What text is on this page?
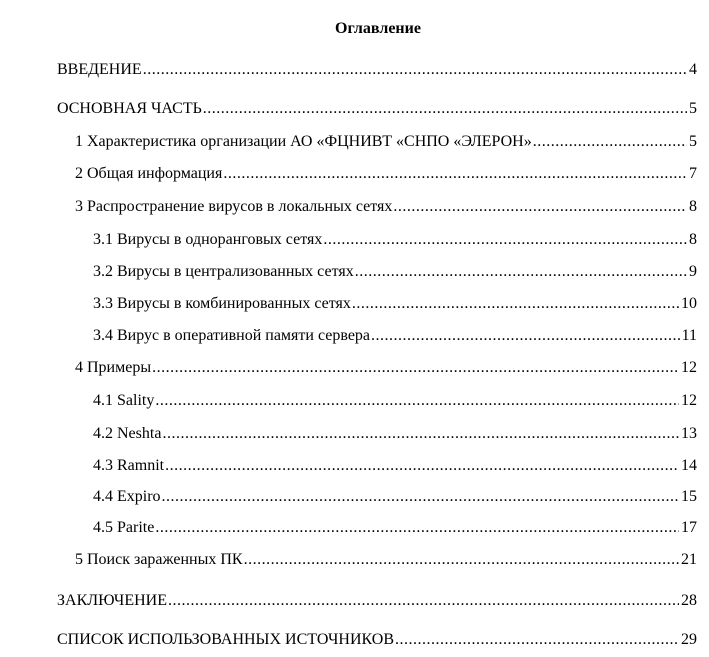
Оглавление
ВВЕДЕНИЕ .....	4
ОСНОВНАЯ ЧАСТЬ .....	5
1 Характеристика организации АО «ФЦНИВТ «СНПО «ЭЛЕРОН» .....	5
2 Общая информация .....	7
3 Распространение вирусов в локальных сетях .....	8
3.1 Вирусы в одноранговых сетях .....	8
3.2 Вирусы в централизованных сетях .....	9
3.3 Вирусы в комбинированных сетях .....	10
3.4 Вирус в оперативной памяти сервера .....	11
4 Примеры .....	12
4.1 Sality .....	12
4.2 Neshta .....	13
4.3 Ramnit .....	14
4.4 Expiro .....	15
4.5 Parite .....	17
5 Поиск зараженных ПК .....	21
ЗАКЛЮЧЕНИЕ .....	28
СПИСОК ИСПОЛЬЗОВАННЫХ ИСТОЧНИКОВ .....	29
